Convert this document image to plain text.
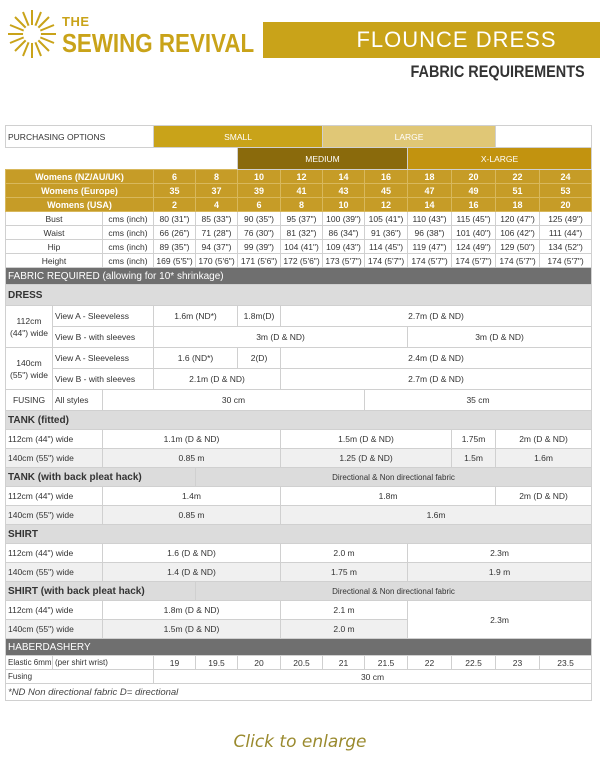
THE
SEWING REVIVAL	FLOUNCE DRESS
FABRIC REQUIREMENTS
PURCHASING OPTIONS			SMALL				LARGE					
					MEDIUM				X-LARGE			
Womens (NZ/AU/UK)			6	8	10	12	14	16	18	20	22	24
Womens (Europe)			35	37	39	41	43	45	47	49	51	53
Womens (USA)			2	4	6	8	10	12	14	16	18	20
Bust		cms (inch)	80 (31")	85 (33")	90 (35")	95 (37")	100 (39")	105 (41")	110 (43")	115 (45")	120 (47")	125 (49")
Waist		cms (inch)	66 (26")	71 (28")	76 (30")	81 (32")	86 (34")	91 (36")	96 (38")	101 (40")	106 (42")	111 (44")
Hip		cms (inch)	89 (35")	94 (37")	99 (39")	104 (41")	109 (43")	114 (45")	119 (47")	124 (49")	129 (50")	134 (52")
Height		cms (inch)	169 (5'5")	170 (5'6")	171 (5'6")	172 (5'6")	173 (5'7")	174 (5'7")	174 (5'7")	174 (5'7")	174 (5'7")	174 (5'7")
FABRIC REQUIRED (allowing for 10* shrinkage)												
DRESS												
112cm (44") wide	View A - Sleeveless		1.6m (ND*)		1.8m(D)	2.7m (D & ND)						
	View B - with sleeves		3m (D & ND)						3m (D & ND)			
140cm (55") wide	View A - Sleeveless		1.6 (ND*)		2(D)	2.4m (D & ND)						
	View B - with sleeves		2.1m (D & ND)			2.7m (D & ND)						
FUSING	All styles	30 cm						35 cm				
TANK (fitted)												
112cm (44") wide		1.1m (D & ND)				1.5m (D & ND)				1.75m	2m (D & ND)	
140cm (55") wide		0.85 m				1.25 (D & ND)				1.5m	1.6m	
TANK (with back pleat hack)				Directional & Non directional fabric								
112cm (44") wide		1.4m				1.8m					2m (D & ND)	
140cm (55") wide		0.85 m				1.6m						
SHIRT												
112cm (44") wide		1.6 (D & ND)				2.0 m			2.3m			
140cm (55") wide		1.4 (D & ND)				1.75 m			1.9 m			
SHIRT (with back pleat hack)				Directional & Non directional fabric								
112cm (44") wide		1.8m (D & ND)				2.1 m			2.3m			
140cm (55") wide		1.5m (D & ND)				2.0 m						
HABERDASHERY												
Elastic 6mm	(per shirt wrist)		19	19.5	20	20.5	21	21.5	22	22.5	23	23.5
Fusing			30 cm									
*ND Non directional fabric D= directional												
Click to enlarge
